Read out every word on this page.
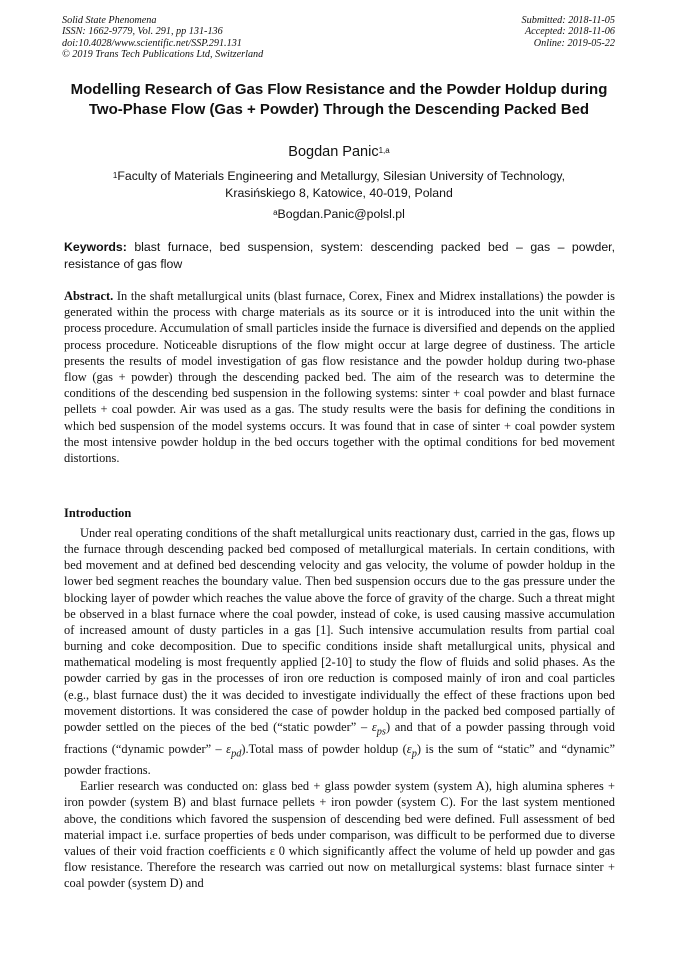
Solid State Phenomena
ISSN: 1662-9779, Vol. 291, pp 131-136
doi:10.4028/www.scientific.net/SSP.291.131
© 2019 Trans Tech Publications Ltd, Switzerland
Submitted: 2018-11-05
Accepted: 2018-11-06
Online: 2019-05-22
Modelling Research of Gas Flow Resistance and the Powder Holdup during Two-Phase Flow (Gas + Powder) Through the Descending Packed Bed
Bogdan Panic$^{1,a}$
$^1$Faculty of Materials Engineering and Metallurgy, Silesian University of Technology,
Krasińskiego 8, Katowice, 40-019, Poland
$^a$Bogdan.Panic@polsl.pl
Keywords: blast furnace, bed suspension, system: descending packed bed – gas – powder, resistance of gas flow
Abstract. In the shaft metallurgical units (blast furnace, Corex, Finex and Midrex installations) the powder is generated within the process with charge materials as its source or it is introduced into the unit within the process procedure. Accumulation of small particles inside the furnace is diversified and depends on the applied process procedure. Noticeable disruptions of the flow might occur at large degree of dustiness. The article presents the results of model investigation of gas flow resistance and the powder holdup during two-phase flow (gas + powder) through the descending packed bed. The aim of the research was to determine the conditions of the descending bed suspension in the following systems: sinter + coal powder and blast furnace pellets + coal powder. Air was used as a gas. The study results were the basis for defining the conditions in which bed suspension of the model systems occurs. It was found that in case of sinter + coal powder system the most intensive powder holdup in the bed occurs together with the optimal conditions for bed movement distortions.
Introduction

Under real operating conditions of the shaft metallurgical units reactionary dust, carried in the gas, flows up the furnace through descending packed bed composed of metallurgical materials. In certain conditions, with bed movement and at defined bed descending velocity and gas velocity, the volume of powder holdup in the lower bed segment reaches the boundary value. Then bed suspension occurs due to the gas pressure under the blocking layer of powder which reaches the value above the force of gravity of the charge. Such a threat might be observed in a blast furnace where the coal powder, instead of coke, is used causing massive accumulation of increased amount of dusty particles in a gas [1]. Such intensive accumulation results from partial coal burning and coke decomposition. Due to specific conditions inside shaft metallurgical units, physical and mathematical modeling is most frequently applied [2-10] to study the flow of fluids and solid phases. As the powder carried by gas in the processes of iron ore reduction is composed mainly of iron and coal particles (e.g., blast furnace dust) the it was decided to investigate individually the effect of these fractions upon bed movement distortions. It was considered the case of powder holdup in the packed bed composed partially of powder settled on the pieces of the bed (“static powder” – $\varepsilon_{ps}$) and that of a powder passing through void fractions (“dynamic powder” – $\varepsilon_{pd}).Total$ mass of powder holdup $(\varepsilon_p)$ is the sum of “static” and “dynamic” powder fractions.

Earlier research was conducted on: glass bed + glass powder system (system A), high alumina spheres + iron powder (system B) and blast furnace pellets + iron powder (system C). For the last system mentioned above, the conditions which favored the suspension of descending bed were defined. Full assessment of bed material impact i.e. surface properties of beds under comparison, was difficult to be performed due to diverse values of their void fraction coefficients ε 0 which significantly affect the volume of held up powder and gas flow resistance. Therefore the research was carried out now on metallurgical systems: blast furnace sinter + coal powder (system D) and
